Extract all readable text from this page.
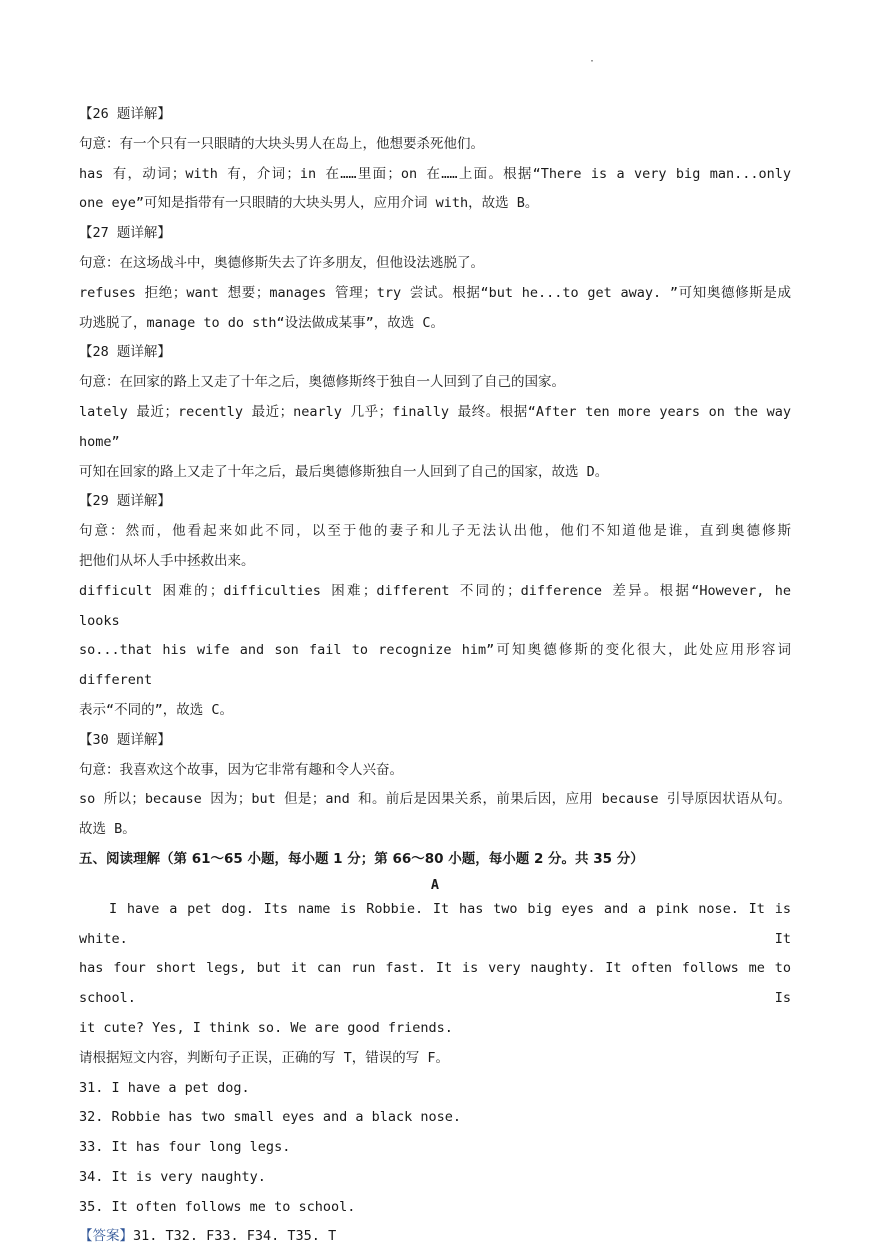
·

【26 题详解】

句意：有一个只有一只眼睛的大块头男人在岛上，他想要杀死他们。

has 有，动词；with 有，介词；in 在……里面；on 在……上面。根据“There is a very big man...only

one eye”可知是指带有一只眼睛的大块头男人，应用介词 with，故选 B。

【27 题详解】

句意：在这场战斗中，奥德修斯失去了许多朋友，但他设法逃脱了。

refuses 拒绝；want 想要；manages 管理；try 尝试。根据“but he...to get away. ”可知奥德修斯是成

功逃脱了，manage to do sth“设法做成某事”，故选 C。

【28 题详解】

句意：在回家的路上又走了十年之后，奥德修斯终于独自一人回到了自己的国家。

lately 最近；recently 最近；nearly 几乎；finally 最终。根据“After ten more years on the way home”

可知在回家的路上又走了十年之后，最后奥德修斯独自一人回到了自己的国家，故选 D。

【29 题详解】

句意：然而，他看起来如此不同，以至于他的妻子和儿子无法认出他，他们不知道他是谁，直到奥德修斯

把他们从坏人手中拯救出来。

difficult 困难的；difficulties 困难；different 不同的；difference 差异。根据“However, he looks

so...that his wife and son fail to recognize him”可知奥德修斯的变化很大，此处应用形容词 different

表示“不同的”，故选 C。

【30 题详解】

句意：我喜欢这个故事，因为它非常有趣和令人兴奋。

so 所以；because 因为；but 但是；and 和。前后是因果关系，前果后因，应用 because 引导原因状语从句。

故选 B。

五、阅读理解（第 61～65 小题，每小题 1 分；第 66～80 小题，每小题 2 分。共 35 分）

A

I have a pet dog. Its name is Robbie. It has two big eyes and a pink nose. It is white. It

has four short legs, but it can run fast. It is very naughty. It often follows me to school. Is

it cute? Yes, I think so. We are good friends.

请根据短文内容，判断句子正误，正确的写 T，错误的写 F。

31. I have a pet dog.

32. Robbie has two small eyes and a black nose.

33. It has four long legs.

34. It is very naughty.

35. It often follows me to school.

【答案】31. T32. F33. F34. T35. T
